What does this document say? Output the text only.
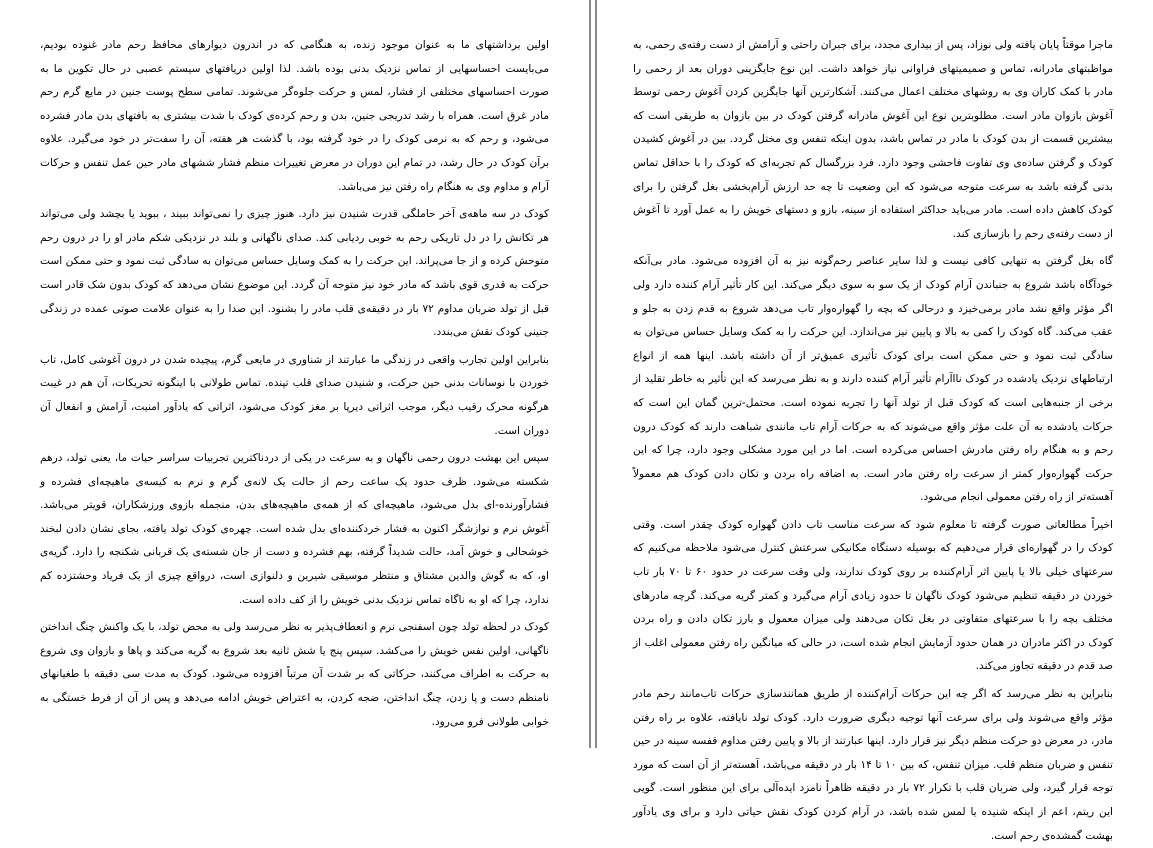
اولین برداشتهای ما به عنوان موجود زنده، به هنگامی که در اندرون دیوارهای محافظ رحم مادر غنوده بودیم، می‌بایست احساسهایی از تماس نزدیک بدنی بوده باشد. لذا اولین دریافتهای سیستم عصبی در حال تکوین ما به صورت احساسهای مختلفی از فشار، لمس و حرکت جلوه‌گر می‌شوند. تمامی سطح پوست جنین در مایع گرم رحم مادر غرق است. همراه با رشد تدریجی جنین، بدن و رحم کرده‌ی کودک با شدت بیشتری به بافتهای بدن مادر فشرده می‌شود، و رحم که به نرمی کودک را در خود گرفته بود، با گذشت هر هفته، آن را سفت‌تر در خود می‌گیرد. علاوه برآن کودک در حال رشد، در تمام این دوران در معرض تغییرات منظم فشار ششهای مادر حین عمل تنفس و حرکات آرام و مداوم وی به هنگام راه رفتن نیز می‌باشد.

کودک در سه ماهه‌ی آخر حاملگی قدرت شنیدن نیز دارد. هنوز چیزی را نمی‌تواند ببیند ، ببوید یا بچشد ولی می‌تواند هر تکانش را در دل تاریکی رحم به خوبی ردیابی کند. صدای ناگهانی و بلند در نزدیکی شکم مادر او را در درون رحم متوحش کرده و از جا می‌پراند. این حرکت را به کمک وسایل حساس می‌توان به سادگی ثبت نمود و حتی ممکن است حرکت به قدری قوی باشد که مادر خود نیز متوجه آن گردد. این موضوع نشان می‌دهد که کودک بدون شک قادر است قبل از تولد ضربان مداوم ۷۲ بار در دقیقه‌ی قلب مادر را بشنود. این صدا را به عنوان علامت صوتی عمده در زندگی جنینی کودک نقش می‌بندد.

بنابراین اولین تجارب واقعی در زندگی ما عبارتند از شناوری در مایعی گرم، پیچیده شدن در درون آغوشی کامل، تاب خوردن با نوسانات بدنی حین حرکت، و شنیدن صدای قلب تپنده. تماس طولانی با اینگونه تحریکات، آن هم در غیبت هرگونه محرک رقیب دیگر، موجب اثراتی دیرپا بر مغز کودک می‌شود، اثراتی که یادآور امنیت، آرامش و انفعال آن دوران است.

سپس این بهشت درون رحمی ناگهان و به سرعت در یکی از دردناکترین تجربیات سراسر حیات ما، یعنی تولد، درهم شکسته می‌شود. ظرف حدود یک ساعت رحم از حالت یک لانه‌ی گرم و نرم به کیسه‌ی ماهیچه‌ای فشرده و فشارآورنده-ای بدل می‌شود، ماهیچه‌ای که از همه‌ی ماهیچه‌های بدن، منجمله بازوی ورزشکاران، قویتر می‌باشد. آغوش نرم و نوازشگر اکنون به فشار خردکننده‌ای بدل شده است. چهره‌ی کودک تولد یافته، بجای نشان دادن لبخند خوشحالی و خوش آمد، حالت شدیداً گرفته، بهم فشرده و دست از جان شسته‌ی یک قربانی شکنجه را دارد. گریه‌ی او، که به گوش والدین مشتاق و منتظر موسیقی شیرین و دلنوازی است، درواقع چیزی از یک فریاد وحشتزده کم ندارد، چرا که او به ناگاه تماس نزدیک بدنی خویش را از کف داده است.

کودک در لحظه تولد چون اسفنجی نرم و انعطاف‌پذیر به نظر می‌رسد ولی به محض تولد، با یک واکنش چنگ انداختن ناگهانی، اولین نفس خویش را می‌کشد. سپس پنج یا شش ثانیه بعد شروع به گریه می‌کند و پاها و بازوان وی شروع به حرکت به اطراف می‌کنند، حرکاتی که بر شدت آن مرتباً افزوده می‌شود. کودک به مدت سی دقیقه با طغیانهای نامنظم دست و پا زدن، چنگ انداختن، ضجه کردن، به اعتراض خویش ادامه می‌دهد و پس از آن از فرط خستگی به خوابی طولانی فرو می‌رود.

ماجرا موقتاً پایان یافته ولی نوزاد، پس از بیداری مجدد، برای جبران راحتی و آرامش از دست رفته‌ی رحمی، به مواظبتهای مادرانه، تماس و صمیمیتهای فراوانی نیاز خواهد داشت. این نوع جایگزینی دوران بعد از رحمی را مادر با کمک کاران وی به روشهای مختلف اعمال می‌کنند. آشکارترین آنها جایگزین کردن آغوش رحمی توسط آغوش بازوان مادر است. مطلوبترین نوع این آغوش مادرانه گرفتن کودک در بین بازوان به طریقی است که بیشترین قسمت از بدن کودک با مادر در تماس باشد، بدون اینکه تنفس وی مختل گردد. بین در آغوش کشیدن کودک و گرفتن ساده‌ی وی تفاوت فاحشی وجود دارد. فرد بزرگسال کم تجربه‌ای که کودک را با حداقل تماس بدنی گرفته باشد به سرعت متوجه می‌شود که این وضعیت تا چه حد ارزش آرام‌بخشی بغل گرفتن را برای کودک کاهش داده است. مادر می‌باید حداکثر استفاده از سینه، بازو و دستهای خویش را به عمل آورد تا آغوش از دست رفته‌ی رحم را بازسازی کند.

گاه بغل گرفتن به تنهایی کافی نیست و لذا سایر عناصر رحم‌گونه نیز به آن افزوده می‌شود. مادر بی‌آنکه خودآگاه باشد شروع به جنباندن آرام کودک از یک سو به سوی دیگر می‌کند. این کار تأثیر آرام کننده دارد ولی اگر مؤثر واقع نشد مادر برمی‌خیزد و درحالی که بچه را گهواره‌وار تاب می‌دهد شروع به قدم زدن به جلو و عقب می‌کند. گاه کودک را کمی به بالا و پایین نیز می‌اندازد. این حرکت را به کمک وسایل حساس می‌توان به سادگی ثبت نمود و حتی ممکن است برای کودک تأثیری عمیق‌تر از آن داشته باشد. اینها همه از انواع ارتباطهای نزدیک یادشده در کودک نااآرام تأثیر آرام کننده دارند و به نظر می‌رسد که این تأثیر به خاطر تقلید از برخی از جنبه‌هایی است که کودک قبل از تولد آنها را تجربه نموده است. محتمل-ترین گمان این است که حرکات یادشده به آن علت مؤثر واقع می‌شوند که به حرکات آرام تاب مانندی شباهت دارند که کودک درون رحم و به هنگام راه رفتن مادرش احساس می‌کرده است. اما در این مورد مشکلی وجود دارد، چرا که این حرکت گهواره‌وار کمتر از سرعت راه رفتن مادر است. به اضافه راه بردن و تکان دادن کودک هم معمولاً آهسته‌تر از راه رفتن معمولی انجام می‌شود.

اخیراً مطالعاتی صورت گرفته تا معلوم شود که سرعت مناسب تاب دادن گهواره کودک چقدر است. وقتی کودک را در گهواره‌ای قرار می‌دهیم که بوسیله دستگاه مکانیکی سرعتش کنترل می‌شود ملاحظه می‌کنیم که سرعتهای خیلی بالا یا پایین اثر آرام‌کننده بر روی کودک ندارند، ولی وقت سرعت در حدود ۶۰ تا ۷۰ بار تاب خوردن در دقیقه تنظیم می‌شود کودک ناگهان تا حدود زیادی آرام می‌گیرد و کمتر گریه می‌کند. گرچه مادرهای مختلف بچه را با سرعتهای متفاوتی در بغل تکان می‌دهند ولی میزان معمول و بارز تکان دادن و راه بردن کودک در اکثر مادران در همان حدود آزمایش انجام شده است، در حالی که میانگین راه رفتن معمولی اغلب از صد قدم در دقیقه تجاوز می‌کند.

بنابراین به نظر می‌رسد که اگر چه این حرکات آرام‌کننده از طریق همانندسازی حرکات تاب‌مانند رحم مادر مؤثر واقع می‌شوند ولی برای سرعت آنها توجیه دیگری ضرورت دارد. کودک تولد نایافته، علاوه بر راه رفتن مادر، در معرض دو حرکت منظم دیگر نیز قرار دارد. اینها عبارتند از بالا و پایین رفتن مداوم قفسه سینه در حین تنفس و ضربان منظم قلب. میزان تنفس، که بین ۱۰ تا ۱۴ بار در دقیقه می‌باشد، آهسته‌تر از آن است که مورد توجه قرار گیرد، ولی ضربان قلب با تکرار ۷۲ بار در دقیقه ظاهراً نامزد ایده‌آلی برای این منظور است. گویی این ریتم، اعم از اینکه شنیده یا لمس شده باشد، در آرام کردن کودک نقش حیاتی دارد و برای وی یادآور بهشت گمشده‌ی رحم است.
